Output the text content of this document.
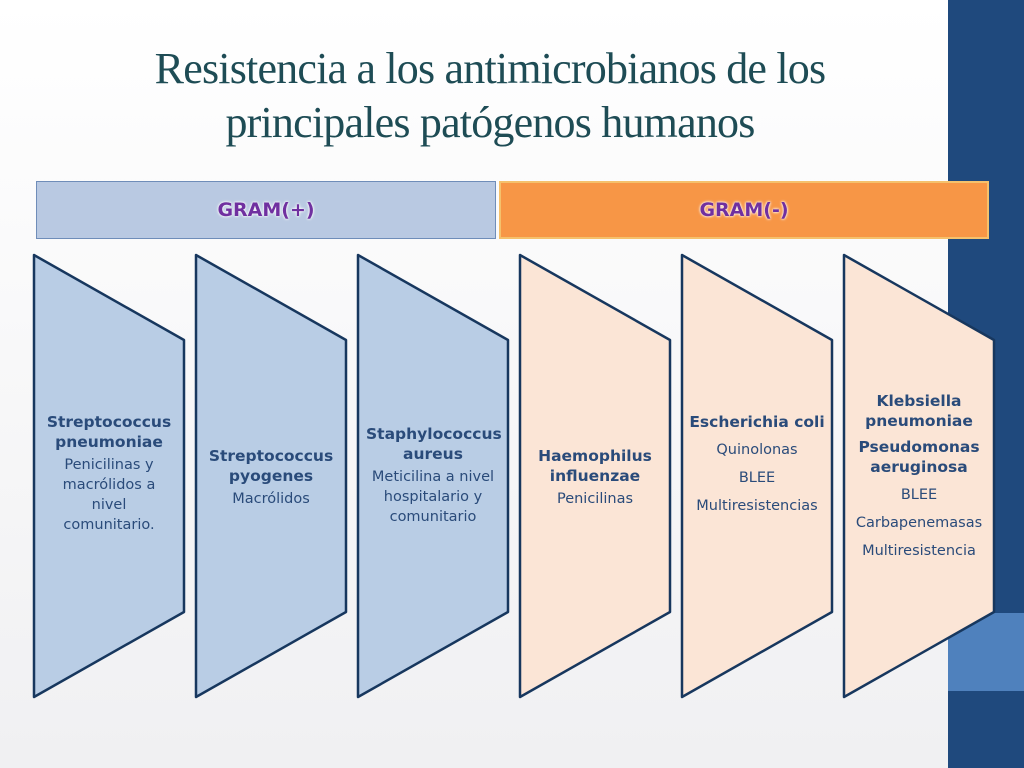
Resistencia a los antimicrobianos de los principales patógenos humanos
GRAM(+)	GRAM(-)
Streptococcus pneumoniae
Penicilinas y macrólidos a nivel comunitario.
Streptococcus pyogenes
Macrólidos
Staphylococcus aureus
Meticilina a nivel hospitalario y comunitario
Haemophilus influenzae
Penicilinas
Escherichia coli
Quinolonas
BLEE
Multiresistencias
Klebsiella pneumoniae
Pseudomonas aeruginosa
BLEE
Carbapenemasas
Multiresistencia
